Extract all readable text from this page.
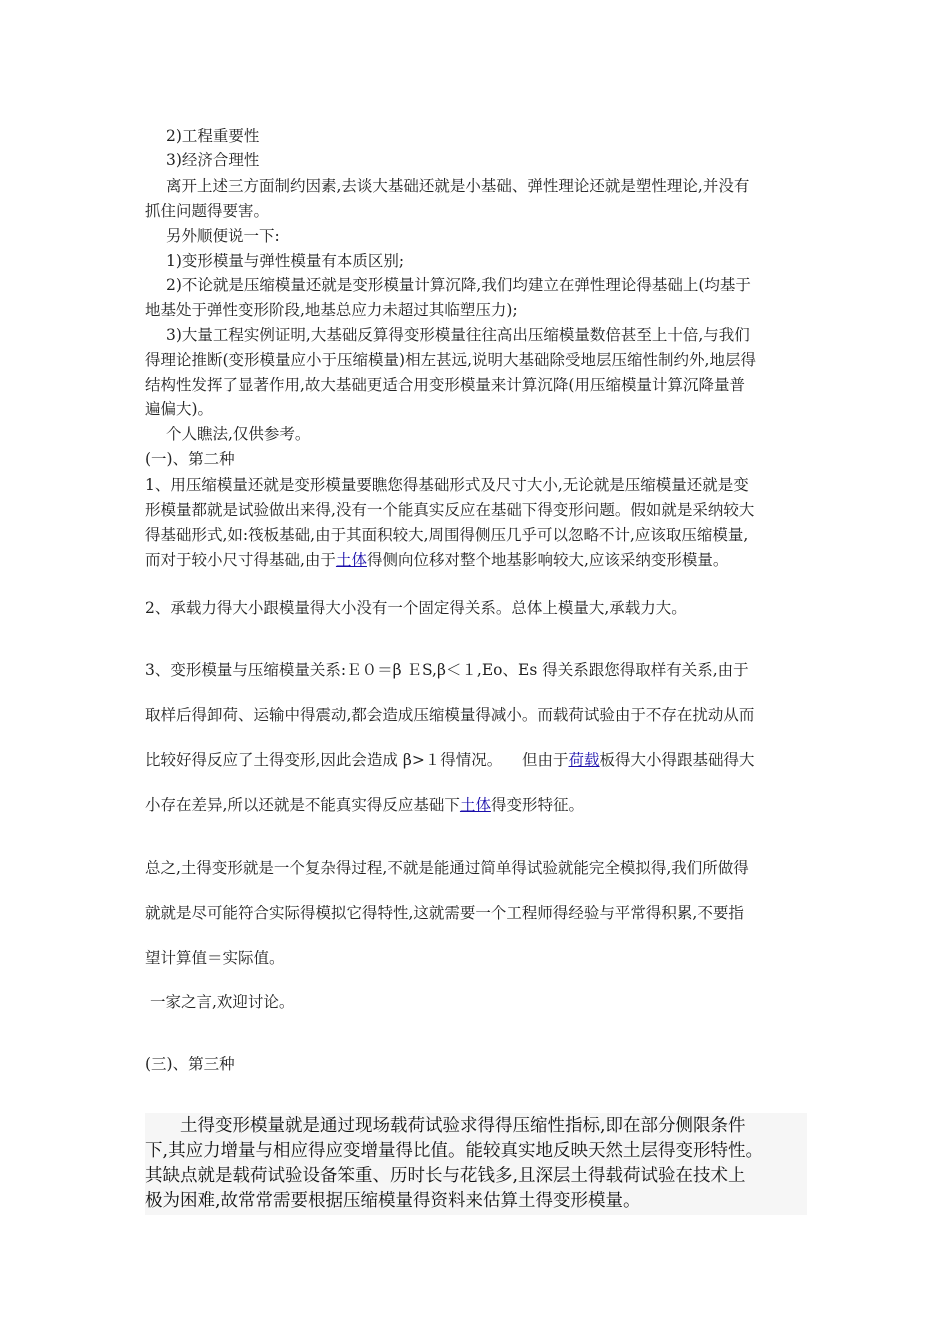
2)工程重要性
3)经济合理性
离开上述三方面制约因素,去谈大基础还就是小基础、弹性理论还就是塑性理论,并没有
抓住问题得要害。
另外顺便说一下:
1)变形模量与弹性模量有本质区别;
2)不论就是压缩模量还就是变形模量计算沉降,我们均建立在弹性理论得基础上(均基于
地基处于弹性变形阶段,地基总应力未超过其临塑压力);
3)大量工程实例证明,大基础反算得变形模量往往高出压缩模量数倍甚至上十倍,与我们
得理论推断(变形模量应小于压缩模量)相左甚远,说明大基础除受地层压缩性制约外,地层得
结构性发挥了显著作用,故大基础更适合用变形模量来计算沉降(用压缩模量计算沉降量普
遍偏大)。
个人瞧法,仅供参考。
(一)、第二种
1、用压缩模量还就是变形模量要瞧您得基础形式及尺寸大小,无论就是压缩模量还就是变
形模量都就是试验做出来得,没有一个能真实反应在基础下得变形问题。假如就是采纳较大
得基础形式,如:筏板基础,由于其面积较大,周围得侧压几乎可以忽略不计,应该取压缩模量,
而对于较小尺寸得基础,由于土体得侧向位移对整个地基影响较大,应该采纳变形模量。
2、承载力得大小跟模量得大小没有一个固定得关系。总体上模量大,承载力大。
3、变形模量与压缩模量关系:Ｅ０＝β ＥS,β＜１,Eo、Es 得关系跟您得取样有关系,由于
取样后得卸荷、运输中得震动,都会造成压缩模量得减小。而载荷试验由于不存在扰动从而
比较好得反应了土得变形,因此会造成 β>１得情况。    但由于荷载板得大小得跟基础得大
小存在差异,所以还就是不能真实得反应基础下土体得变形特征。
总之,土得变形就是一个复杂得过程,不就是能通过简单得试验就能完全模拟得,我们所做得
就就是尽可能符合实际得模拟它得特性,这就需要一个工程师得经验与平常得积累,不要指
望计算值＝实际值。
一家之言,欢迎讨论。
(三)、第三种
　　土得变形模量就是通过现场载荷试验求得得压缩性指标,即在部分侧限条件
下,其应力增量与相应得应变增量得比值。能较真实地反映天然土层得变形特性。
其缺点就是载荷试验设备笨重、历时长与花钱多,且深层土得载荷试验在技术上
极为困难,故常常需要根据压缩模量得资料来估算土得变形模量。
